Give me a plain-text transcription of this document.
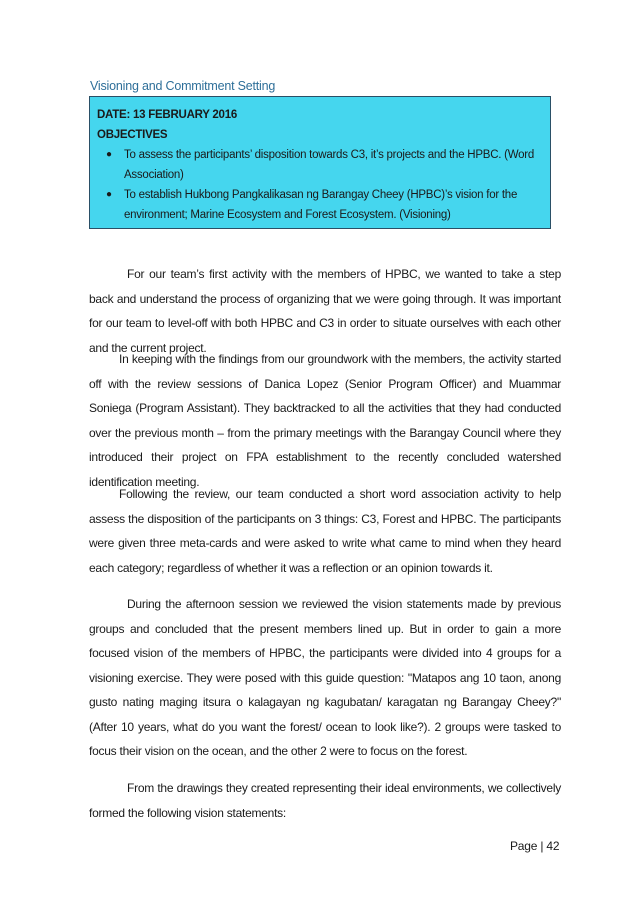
Visioning and Commitment Setting
DATE: 13 FEBRUARY 2016
OBJECTIVES
● To assess the participants’ disposition towards C3, it’s projects and the HPBC. (Word Association)
● To establish Hukbong Pangkalikasan ng Barangay Cheey (HPBC)’s vision for the environment; Marine Ecosystem and Forest Ecosystem. (Visioning)

For our team’s first activity with the members of HPBC, we wanted to take a step back and understand the process of organizing that we were going through. It was important for our team to level-off with both HPBC and C3 in order to situate ourselves with each other and the current project.

In keeping with the findings from our groundwork with the members, the activity started off with the review sessions of Danica Lopez (Senior Program Officer) and Muammar Soniega (Program Assistant). They backtracked to all the activities that they had conducted over the previous month – from the primary meetings with the Barangay Council where they introduced their project on FPA establishment to the recently concluded watershed identification meeting.

Following the review, our team conducted a short word association activity to help assess the disposition of the participants on 3 things: C3, Forest and HPBC. The participants were given three meta-cards and were asked to write what came to mind when they heard each category; regardless of whether it was a reflection or an opinion towards it.

During the afternoon session we reviewed the vision statements made by previous groups and concluded that the present members lined up. But in order to gain a more focused vision of the members of HPBC, the participants were divided into 4 groups for a visioning exercise. They were posed with this guide question: "Matapos ang 10 taon, anong gusto nating maging itsura o kalagayan ng kagubatan/ karagatan ng Barangay Cheey?" (After 10 years, what do you want the forest/ ocean to look like?). 2 groups were tasked to focus their vision on the ocean, and the other 2 were to focus on the forest.

From the drawings they created representing their ideal environments, we collectively formed the following vision statements:

Page | 42
